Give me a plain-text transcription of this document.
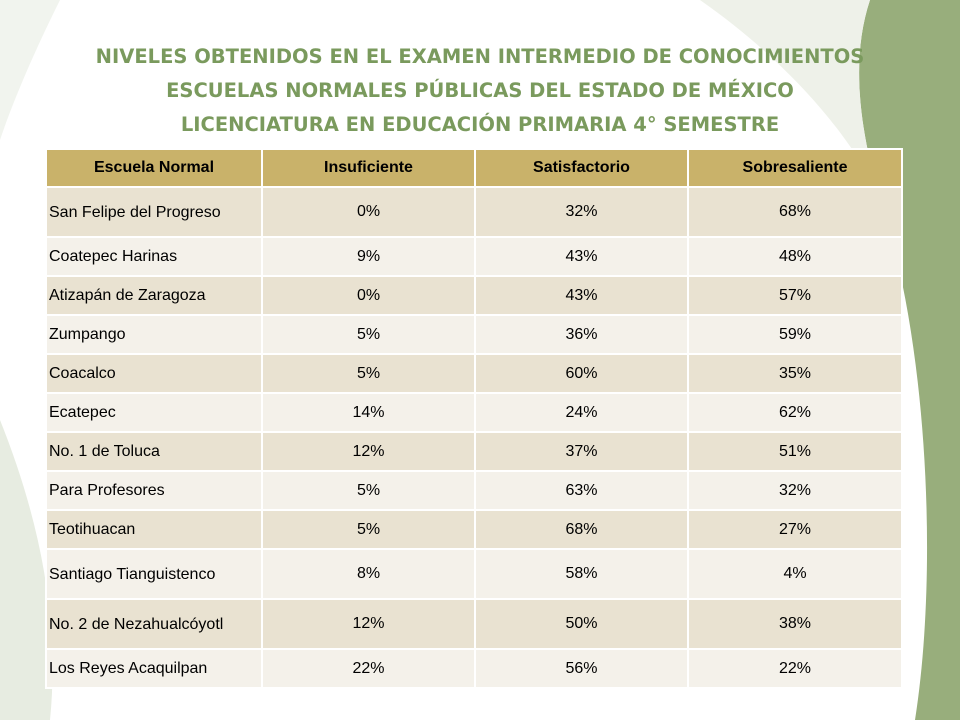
NIVELES OBTENIDOS EN EL EXAMEN INTERMEDIO DE CONOCIMIENTOS
ESCUELAS NORMALES PÚBLICAS DEL ESTADO DE MÉXICO
LICENCIATURA EN EDUCACIÓN PRIMARIA 4° SEMESTRE
Escuela Normal	Insuficiente	Satisfactorio	Sobresaliente
San Felipe del Progreso	0%	32%	68%
Coatepec Harinas	9%	43%	48%
Atizapán de Zaragoza	0%	43%	57%
Zumpango	5%	36%	59%
Coacalco	5%	60%	35%
Ecatepec	14%	24%	62%
No. 1 de Toluca	12%	37%	51%
Para Profesores	5%	63%	32%
Teotihuacan	5%	68%	27%
Santiago Tianguistenco	8%	58%	4%
No. 2 de Nezahualcóyotl	12%	50%	38%
Los Reyes Acaquilpan	22%	56%	22%
